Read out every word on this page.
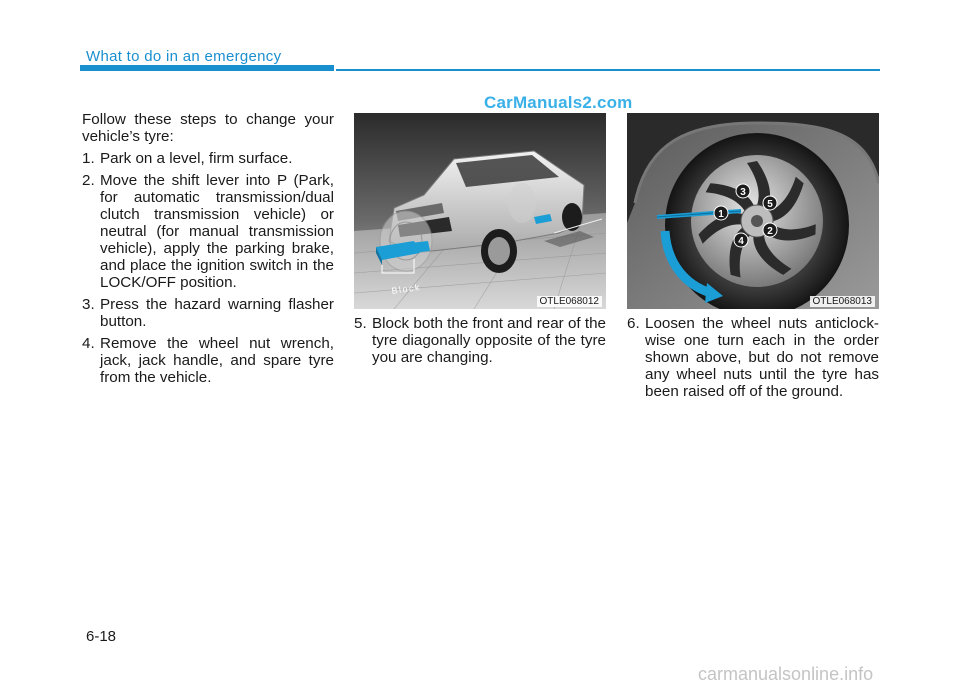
What to do in an emergency
CarManuals2.com

Follow these steps to change your vehicle’s tyre:

1. Park on a level, firm surface.
2. Move the shift lever into P (Park, for automatic transmission/dual clutch transmission vehicle) or neutral (for manual transmission vehicle), apply the parking brake, and place the ignition switch in the LOCK/OFF position.
3. Press the hazard warning flasher button.
4. Remove the wheel nut wrench, jack, jack handle, and spare tyre from the vehicle.
Block
OTLE068012
1
2
3
4
5
OTLE068013
5. Block both the front and rear of the tyre diagonally opposite of the tyre you are changing.
6. Loosen the wheel nuts anticlock-wise one turn each in the order shown above, but do not remove any wheel nuts until the tyre has been raised off of the ground.
6-18
carmanualsonline.info
